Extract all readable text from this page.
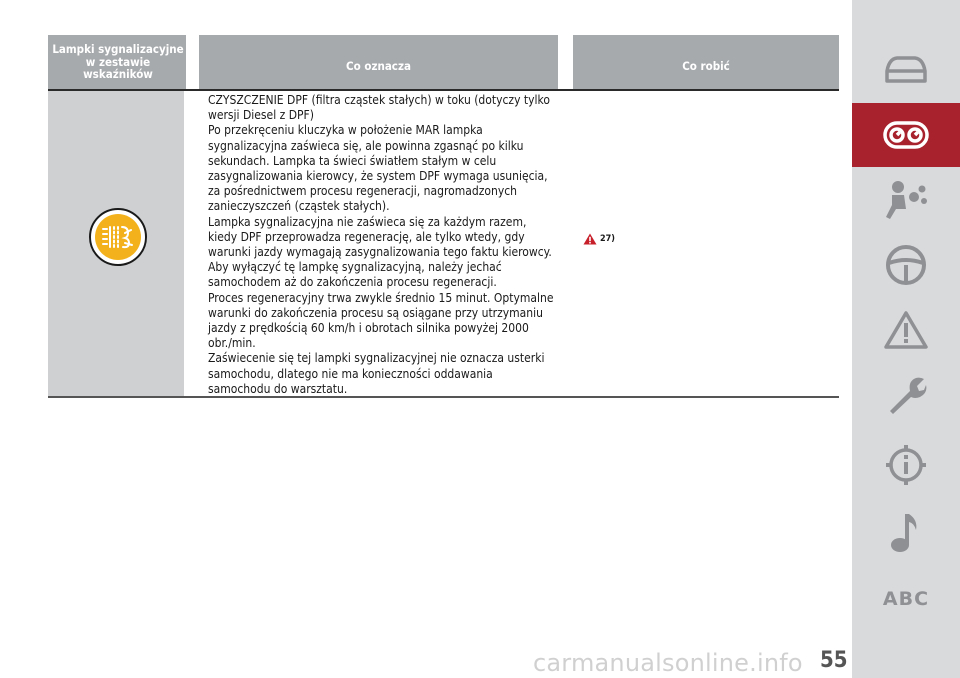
Lampki sygnalizacyjne
w zestawie
wskaźników
Co oznacza	Co robić

CZYSZCZENIE DPF (filtra cząstek stałych) w toku (dotyczy tylko wersji Diesel z DPF)

Po przekręceniu kluczyka w położenie MAR lampka sygnalizacyjna zaświeca się, ale powinna zgasnąć po kilku sekundach. Lampka ta świeci światłem stałym w celu zasygnalizowania kierowcy, że system DPF wymaga usunięcia, za pośrednictwem procesu regeneracji, nagromadzonych zanieczyszczeń (cząstek stałych).

Lampka sygnalizacyjna nie zaświeca się za każdym razem, kiedy DPF przeprowadza regenerację, ale tylko wtedy, gdy warunki jazdy wymagają zasygnalizowania tego faktu kierowcy. Aby wyłączyć tę lampkę sygnalizacyjną, należy jechać samochodem aż do zakończenia procesu regeneracji.

Proces regeneracyjny trwa zwykle średnio 15 minut. Optymalne warunki do zakończenia procesu są osiągane przy utrzymaniu jazdy z prędkością 60 km/h i obrotach silnika powyżej 2000 obr./min.

Zaświecenie się tej lampki sygnalizacyjnej nie oznacza usterki samochodu, dlatego nie ma konieczności oddawania samochodu do warsztatu.

27)
ABC
carmanualsonline.info 55
